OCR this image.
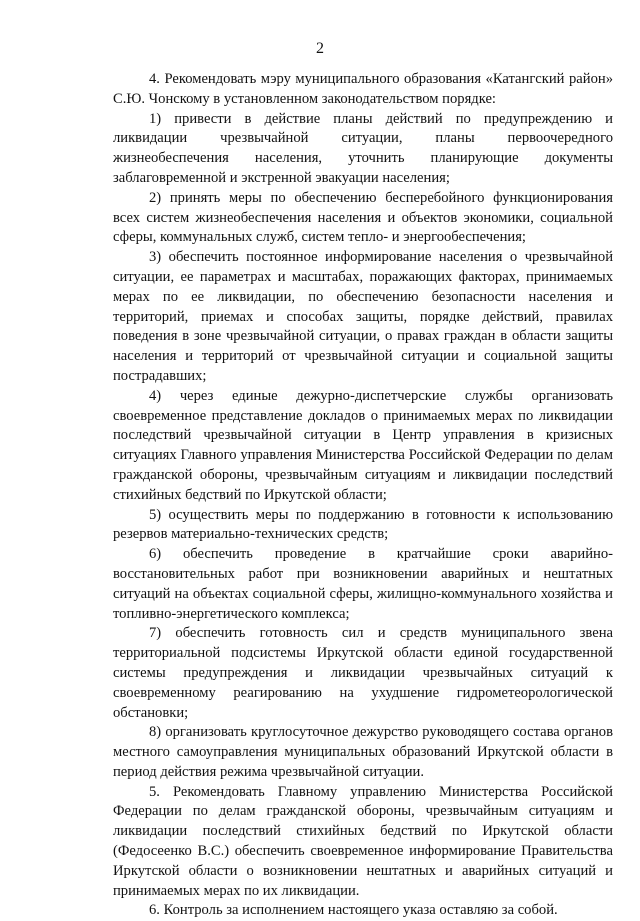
2

4. Рекомендовать мэру муниципального образования «Катангский район» С.Ю. Чонскому в установленном законодательством порядке:

1) привести в действие планы действий по предупреждению и ликвидации чрезвычайной ситуации, планы первоочередного жизнеобеспечения населения, уточнить планирующие документы заблаговременной и экстренной эвакуации населения;

2) принять меры по обеспечению бесперебойного функционирования всех систем жизнеобеспечения населения и объектов экономики, социальной сферы, коммунальных служб, систем тепло- и энергообеспечения;

3) обеспечить постоянное информирование населения о чрезвычайной ситуации, ее параметрах и масштабах, поражающих факторах, принимаемых мерах по ее ликвидации, по обеспечению безопасности населения и территорий, приемах и способах защиты, порядке действий, правилах поведения в зоне чрезвычайной ситуации, о правах граждан в области защиты населения и территорий от чрезвычайной ситуации и социальной защиты пострадавших;

4) через единые дежурно-диспетчерские службы организовать своевременное представление докладов о принимаемых мерах по ликвидации последствий чрезвычайной ситуации в Центр управления в кризисных ситуациях Главного управления Министерства Российской Федерации по делам гражданской обороны, чрезвычайным ситуациям и ликвидации последствий стихийных бедствий по Иркутской области;

5) осуществить меры по поддержанию в готовности к использованию резервов материально-технических средств;

6) обеспечить проведение в кратчайшие сроки аварийно-восстановительных работ при возникновении аварийных и нештатных ситуаций на объектах социальной сферы, жилищно-коммунального хозяйства и топливно-энергетического комплекса;

7) обеспечить готовность сил и средств муниципального звена территориальной подсистемы Иркутской области единой государственной системы предупреждения и ликвидации чрезвычайных ситуаций к своевременному реагированию на ухудшение гидрометеорологической обстановки;

8) организовать круглосуточное дежурство руководящего состава органов местного самоуправления муниципальных образований Иркутской области в период действия режима чрезвычайной ситуации.

5. Рекомендовать Главному управлению Министерства Российской Федерации по делам гражданской обороны, чрезвычайным ситуациям и ликвидации последствий стихийных бедствий по Иркутской области (Федосеенко В.С.) обеспечить своевременное информирование Правительства Иркутской области о возникновении нештатных и аварийных ситуаций и принимаемых мерах по их ликвидации.

6. Контроль за исполнением настоящего указа оставляю за собой.
